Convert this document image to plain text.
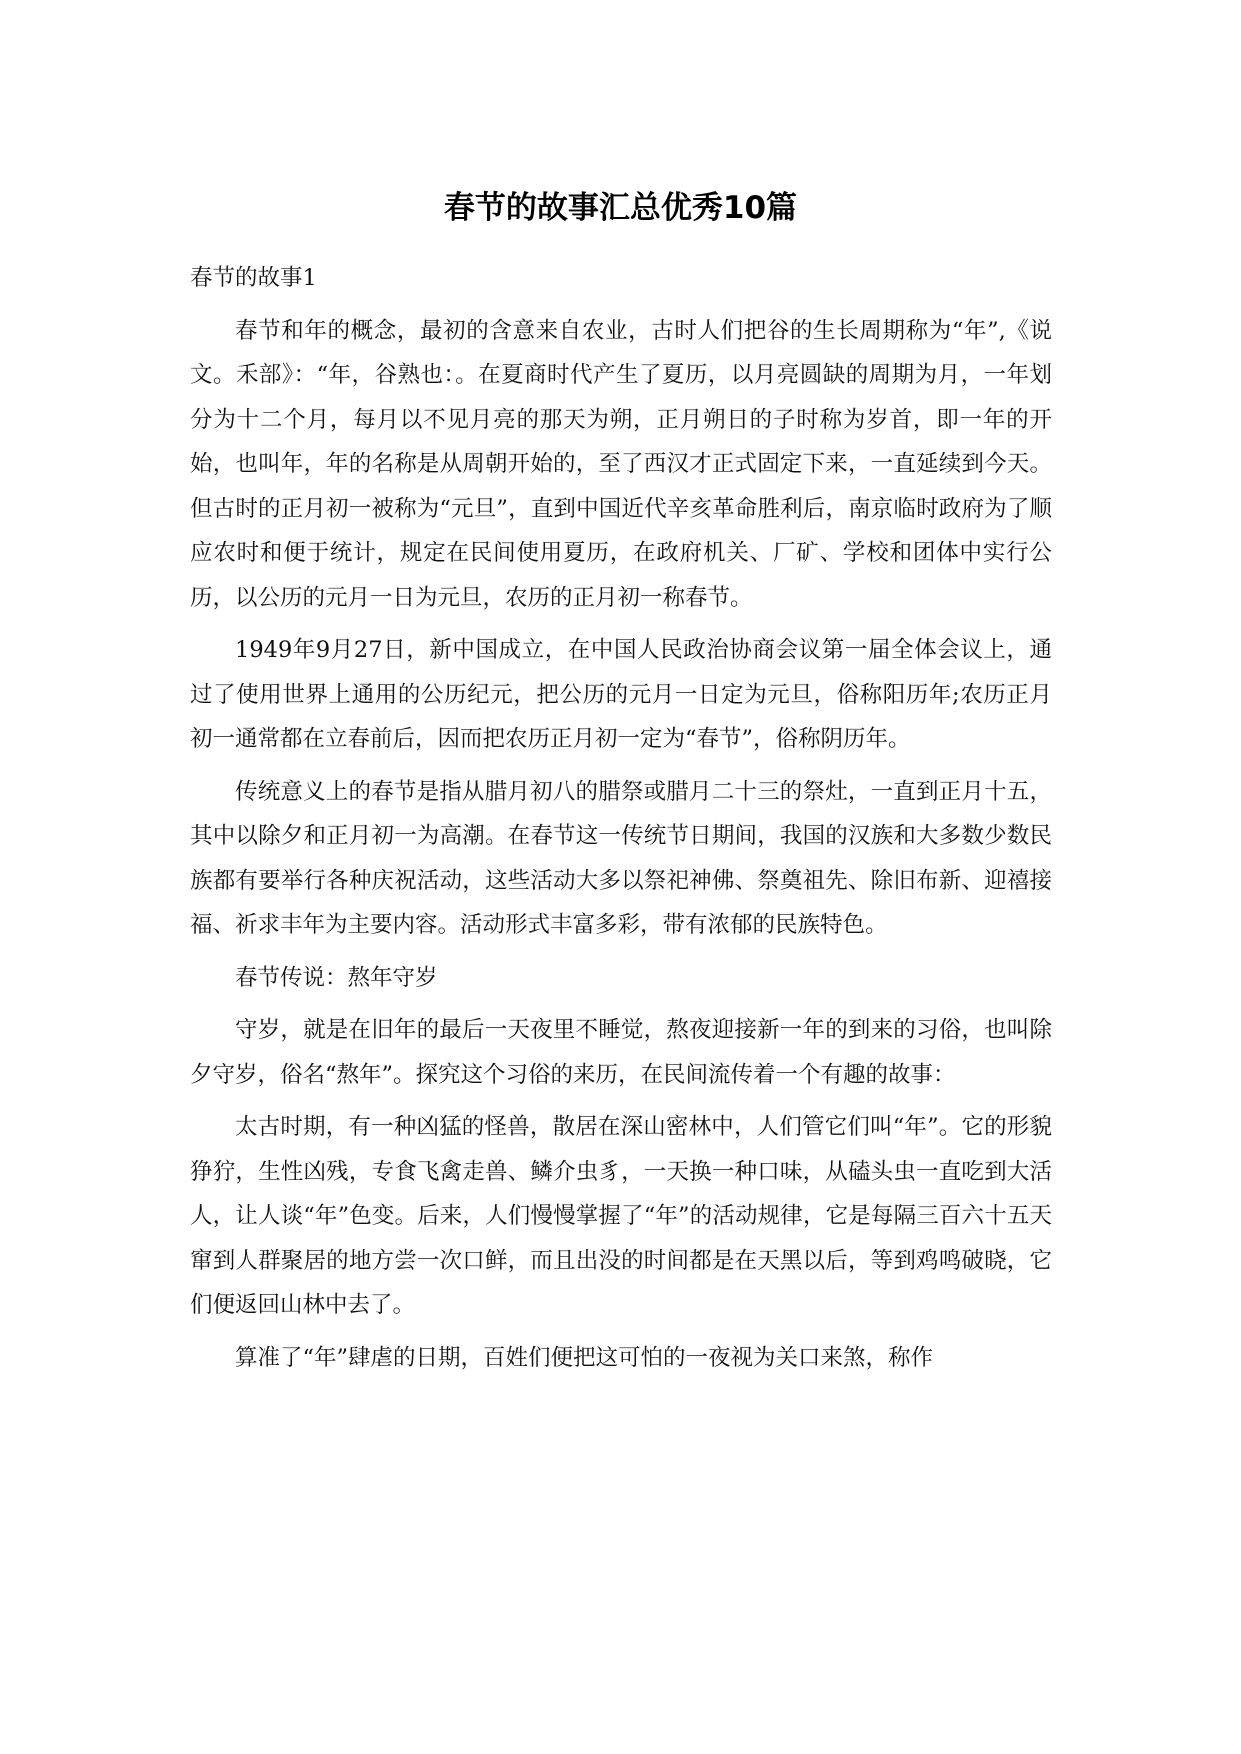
春节的故事汇总优秀10篇

春节的故事1

春节和年的概念，最初的含意来自农业，古时人们把谷的生长周期称为“年”,《说文。禾部》：“年，谷熟也：。在夏商时代产生了夏历，以月亮圆缺的周期为月，一年划分为十二个月，每月以不见月亮的那天为朔，正月朔日的子时称为岁首，即一年的开始，也叫年，年的名称是从周朝开始的，至了西汉才正式固定下来，一直延续到今天。但古时的正月初一被称为“元旦”，直到中国近代辛亥革命胜利后，南京临时政府为了顺应农时和便于统计，规定在民间使用夏历，在政府机关、厂矿、学校和团体中实行公历，以公历的元月一日为元旦，农历的正月初一称春节。

1949年9月27日，新中国成立，在中国人民政治协商会议第一届全体会议上，通过了使用世界上通用的公历纪元，把公历的元月一日定为元旦，俗称阳历年;农历正月初一通常都在立春前后，因而把农历正月初一定为“春节”，俗称阴历年。

传统意义上的春节是指从腊月初八的腊祭或腊月二十三的祭灶，一直到正月十五，其中以除夕和正月初一为高潮。在春节这一传统节日期间，我国的汉族和大多数少数民族都有要举行各种庆祝活动，这些活动大多以祭祀神佛、祭奠祖先、除旧布新、迎禧接福、祈求丰年为主要内容。活动形式丰富多彩，带有浓郁的民族特色。

春节传说：熬年守岁

守岁，就是在旧年的最后一天夜里不睡觉，熬夜迎接新一年的到来的习俗，也叫除夕守岁，俗名“熬年”。探究这个习俗的来历，在民间流传着一个有趣的故事：

太古时期，有一种凶猛的怪兽，散居在深山密林中，人们管它们叫“年”。它的形貌狰狞，生性凶残，专食飞禽走兽、鳞介虫豸，一天换一种口味，从磕头虫一直吃到大活人，让人谈“年”色变。后来，人们慢慢掌握了“年”的活动规律，它是每隔三百六十五天窜到人群聚居的地方尝一次口鲜，而且出没的时间都是在天黑以后，等到鸡鸣破晓，它们便返回山林中去了。

算准了“年”肆虐的日期，百姓们便把这可怕的一夜视为关口来煞，称作
